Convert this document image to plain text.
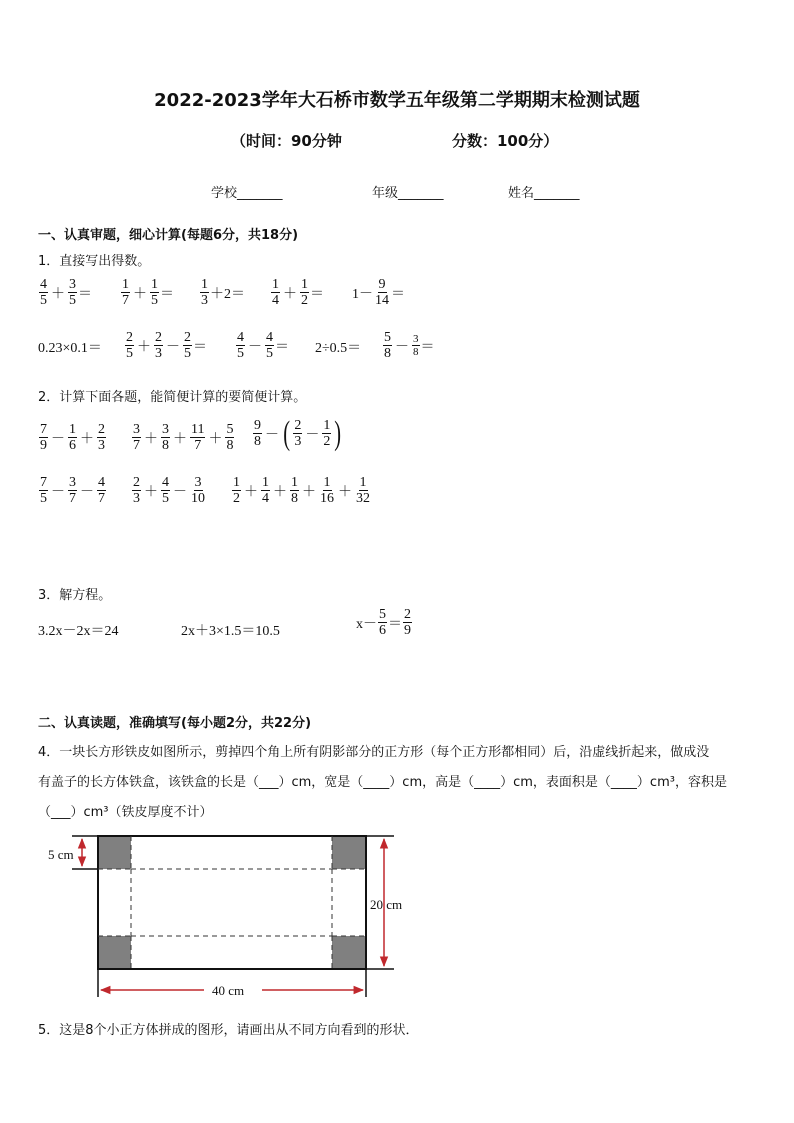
2022-2023学年大石桥市数学五年级第二学期期末检测试题
（时间：90分钟	分数：100分）
学校_______	年级_______	姓名_______
一、认真审题，细心计算(每题6分，共18分)
1．直接写出得数。
$\frac{4}{5} + \frac{3}{5} = \frac{1}{7} + \frac{1}{5} = \frac{1}{3} +2= \frac{1}{4} + \frac{1}{2} = 1- \frac{9}{14}$ ＝
$0.23\times 0.1= \frac{2}{5} + \frac{2}{3} - \frac{2}{5} = \frac{4}{5} - \frac{4}{5} = 2\div 0.5= \frac{5}{8} - \frac{3}{8}$ ＝
2．计算下面各题，能简便计算的要简便计算。
$\frac{7}{9} - \frac{1}{6} + \frac{2}{3} \frac{3}{7} + \frac{3}{8} + \frac{11}{7} + \frac{5}{8} \frac{9}{8}$ － ( $\frac{2}{3} - \frac{1}{2}$ )
$\frac{7}{5} - \frac{3}{7} - \frac{4}{7} \frac{2}{3} + \frac{4}{5} - \frac{3}{10} \frac{1}{2} + \frac{1}{4} + \frac{1}{8} + \frac{1}{16} + \frac{1}{32}$
3．解方程。
3.2x－2x＝24	2x＋3×1.5＝10.5	$x- \frac{5}{6} = \frac{2}{9}$
二、认真读题，准确填写(每小题2分，共22分)
4．一块长方形铁皮如图所示，剪掉四个角上所有阴影部分的正方形（每个正方形都相同）后，沿虚线折起来，做成没
有盖子的长方体铁盒，该铁盒的长是（___）cm，宽是（____）cm，高是（____）cm，表面积是（____）cm³，容积是
（___）cm³（铁皮厚度不计）
5 cm
20 cm
40 cm
5．这是8个小正方体拼成的图形，请画出从不同方向看到的形状．
